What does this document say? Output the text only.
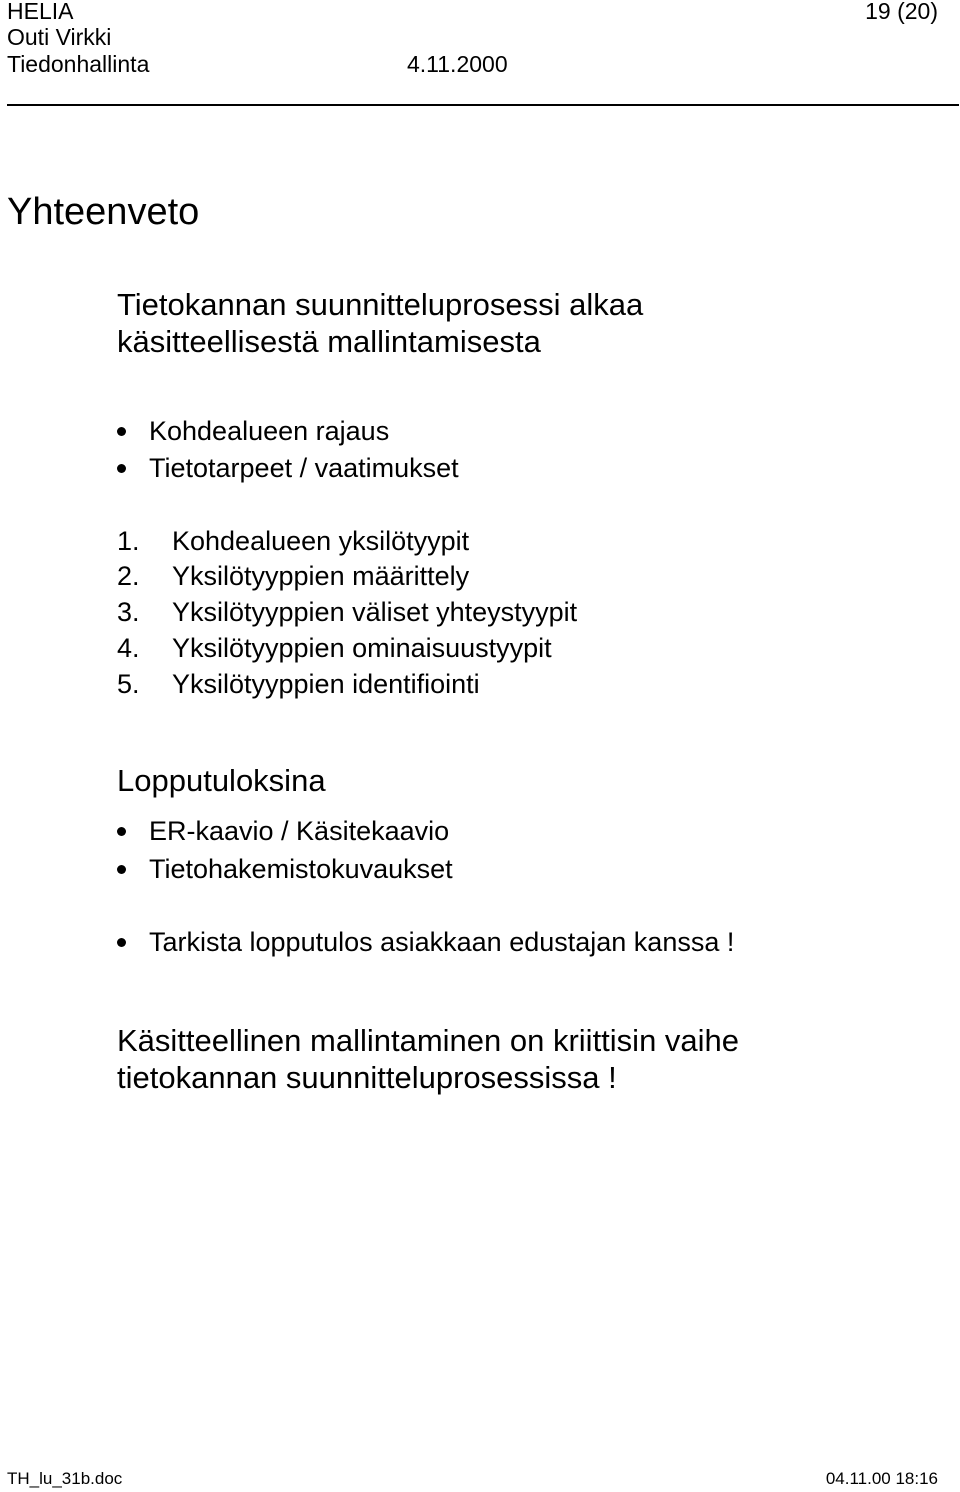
HELIA	19 (20)
Outi Virkki
Tiedonhallinta	4.11.2000
Yhteenveto
Tietokannan suunnitteluprosessi alkaa
käsitteellisestä mallintamisesta
Kohdealueen rajaus
Tietotarpeet / vaatimukset
1. Kohdealueen yksilötyypit
2. Yksilötyyppien määrittely
3. Yksilötyyppien väliset yhteystyypit
4. Yksilötyyppien ominaisuustyypit
5. Yksilötyyppien identifiointi
Lopputuloksina
ER-kaavio / Käsitekaavio
Tietohakemistokuvaukset
Tarkista lopputulos asiakkaan edustajan kanssa !
Käsitteellinen mallintaminen on kriittisin vaihe
tietokannan suunnitteluprosessissa !
TH_lu_31b.doc	04.11.00 18:16
